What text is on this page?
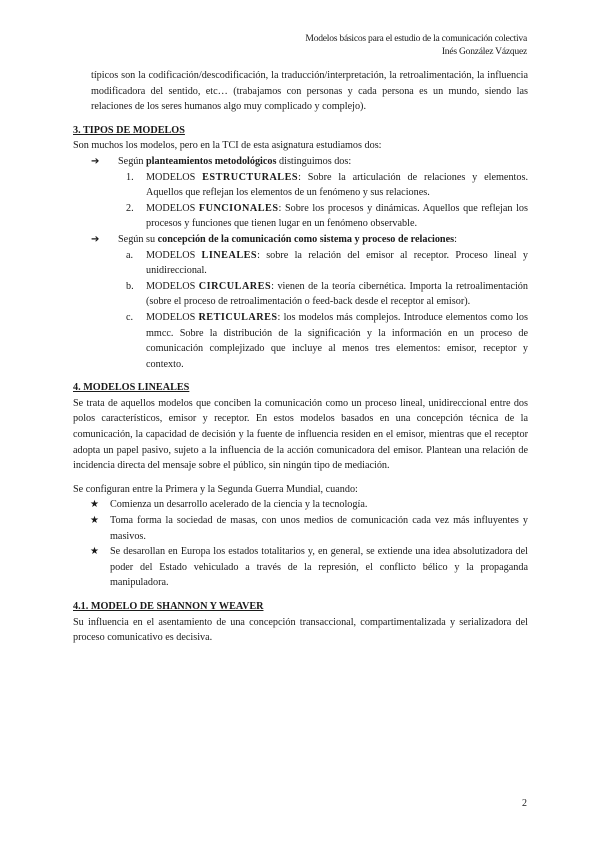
Modelos básicos para el estudio de la comunicación colectiva
Inés González Vázquez

típicos son la codificación/descodificación, la traducción/interpretación, la retroalimentación, la influencia modificadora del sentido, etc… (trabajamos con personas y cada persona es un mundo, siendo las relaciones de los seres humanos algo muy complicado y complejo).

3. TIPOS DE MODELOS

Son muchos los modelos, pero en la TCI de esta asignatura estudiamos dos:

➔ Según planteamientos metodológicos distinguimos dos:
1. MODELOS ESTRUCTURALES: Sobre la articulación de relaciones y elementos. Aquellos que reflejan los elementos de un fenómeno y sus relaciones.
2. MODELOS FUNCIONALES: Sobre los procesos y dinámicas. Aquellos que reflejan los procesos y funciones que tienen lugar en un fenómeno observable.
➔ Según su concepción de la comunicación como sistema y proceso de relaciones:
a. MODELOS LINEALES: sobre la relación del emisor al receptor. Proceso lineal y unidireccional.
b. MODELOS CIRCULARES: vienen de la teoría cibernética. Importa la retroalimentación (sobre el proceso de retroalimentación o feed-back desde el receptor al emisor).
c. MODELOS RETICULARES: los modelos más complejos. Introduce elementos como los mmcc. Sobre la distribución de la significación y la información en un proceso de comunicación complejizado que incluye al menos tres elementos: emisor, receptor y contexto.
4. MODELOS LINEALES

Se trata de aquellos modelos que conciben la comunicación como un proceso lineal, unidireccional entre dos polos característicos, emisor y receptor. En estos modelos basados en una concepción técnica de la comunicación, la capacidad de decisión y la fuente de influencia residen en el emisor, mientras que el receptor adopta un papel pasivo, sujeto a la influencia de la acción comunicadora del emisor. Plantean una relación de incidencia directa del mensaje sobre el público, sin ningún tipo de mediación.

Se configuran entre la Primera y la Segunda Guerra Mundial, cuando:

★ Comienza un desarrollo acelerado de la ciencia y la tecnología.
★ Toma forma la sociedad de masas, con unos medios de comunicación cada vez más influyentes y masivos.
★ Se desarollan en Europa los estados totalitarios y, en general, se extiende una idea absolutizadora del poder del Estado vehiculado a través de la represión, el conflicto bélico y la propaganda manipuladora.
4.1. MODELO DE SHANNON Y WEAVER

Su influencia en el asentamiento de una concepción transaccional, compartimentalizada y serializadora del proceso comunicativo es decisiva.

2
